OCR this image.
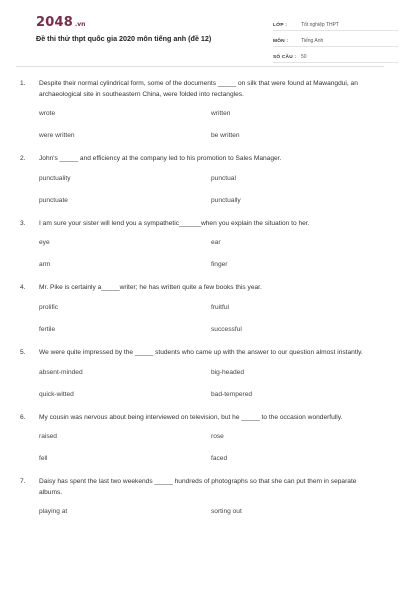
2048 .vn
Đề thi thử thpt quốc gia 2020 môn tiếng anh (đề 12)
LỚP :	Tốt nghiệp THPT
MÔN :	Tiếng Anh
SỐ CÂU : 50
1.	Despite their normal cylindrical form, some of the documents _____ on silk that were found at Mawangdui, an archaeological site in southeastern China, were folded into rectangles.
wrote	written
were written	be written
2.	John's _____ and efficiency at the company led to his promotion to Sales Manager.
punctuality	punctual
punctuate	punctually
3.	I am sure your sister will lend you a sympathetic______when you explain the situation to her.
eye	ear
arm	finger
4.	Mr. Pike is certainly a_____writer; he has written quite a few books this year.
prolific	fruitful
fertile	successful
5.	We were quite impressed by the _____ students who came up with the answer to our question almost instantly.
absent-minded	big-headed
quick-witted	bad-tempered
6.	My cousin was nervous about being interviewed on television, but he _____ to the occasion wonderfully.
raised	rose
fell	faced
7.	Daisy has spent the last two weekends _____ hundreds of photographs so that she can put them in separate albums.
playing at	sorting out
